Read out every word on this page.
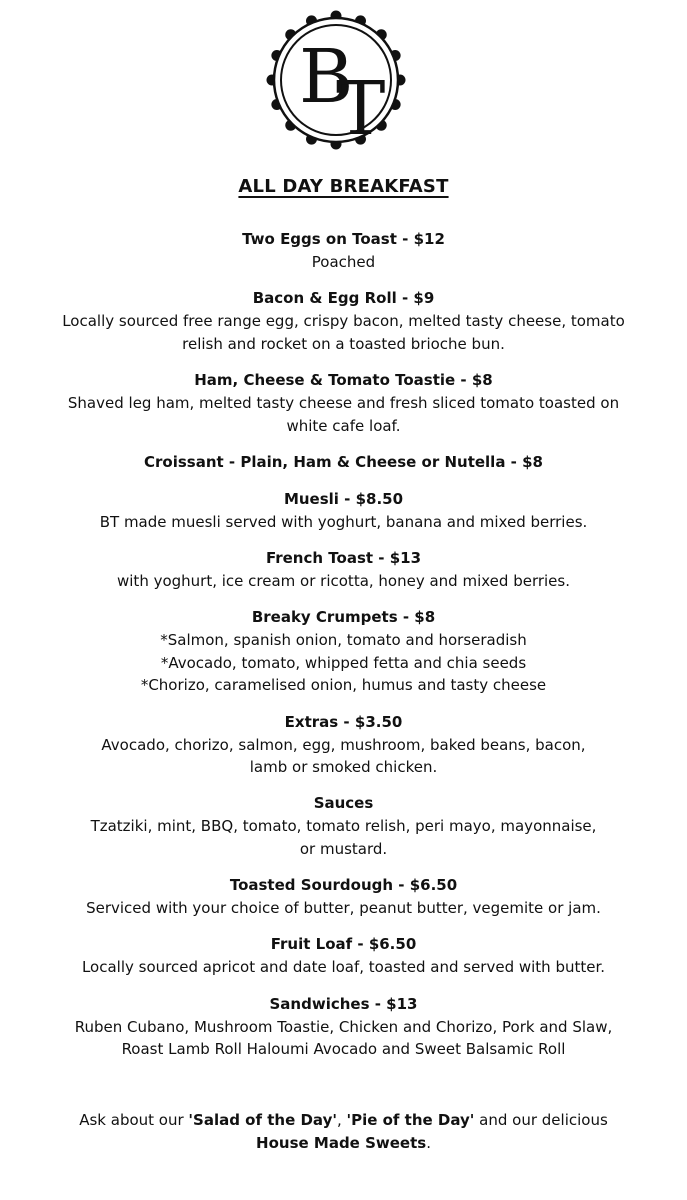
B
T
ALL DAY BREAKFAST
Two Eggs on Toast - $12
Poached
Bacon & Egg Roll - $9
Locally sourced free range egg, crispy bacon, melted tasty cheese, tomato
relish and rocket on a toasted brioche bun.
Ham, Cheese & Tomato Toastie - $8
Shaved leg ham, melted tasty cheese and fresh sliced tomato toasted on
white cafe loaf.
Croissant - Plain, Ham & Cheese or Nutella - $8
Muesli - $8.50
BT made muesli served with yoghurt, banana and mixed berries.
French Toast - $13
with yoghurt, ice cream or ricotta, honey and mixed berries.
Breaky Crumpets - $8
*Salmon, spanish onion, tomato and horseradish
*Avocado, tomato, whipped fetta and chia seeds
*Chorizo, caramelised onion, humus and tasty cheese
Extras - $3.50
Avocado, chorizo, salmon, egg, mushroom, baked beans, bacon,
lamb or smoked chicken.
Sauces
Tzatziki, mint, BBQ, tomato, tomato relish, peri mayo, mayonnaise,
or mustard.
Toasted Sourdough - $6.50
Serviced with your choice of butter, peanut butter, vegemite or jam.
Fruit Loaf - $6.50
Locally sourced apricot and date loaf, toasted and served with butter.
Sandwiches - $13
Ruben Cubano, Mushroom Toastie, Chicken and Chorizo, Pork and Slaw,
Roast Lamb Roll Haloumi Avocado and Sweet Balsamic Roll
Ask about our 'Salad of the Day', 'Pie of the Day' and our delicious
House Made Sweets.
